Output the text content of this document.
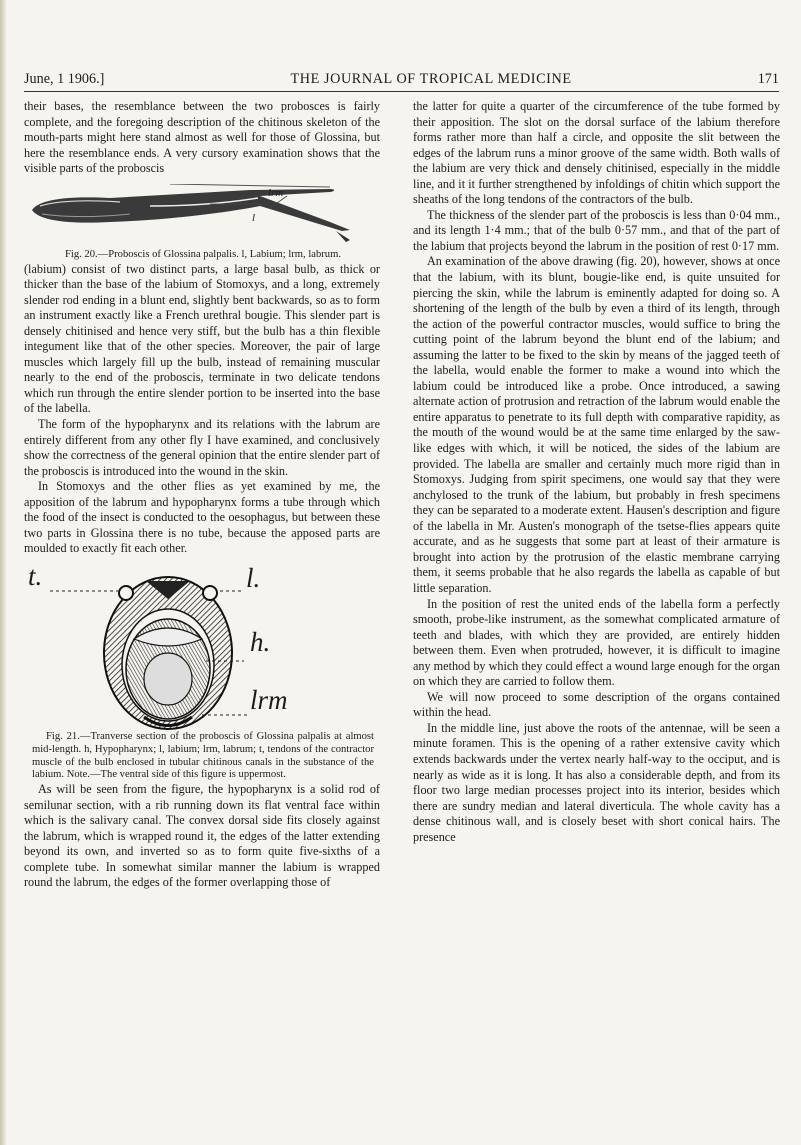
June, 1 1906.]	THE JOURNAL OF TROPICAL MEDICINE	171

their bases, the resemblance between the two probosces is fairly complete, and the foregoing description of the chitinous skeleton of the mouth-parts might here stand almost as well for those of Glossina, but here the resemblance ends. A very cursory examination shows that the visible parts of the proboscis

lrm
l

Fig. 20.—Proboscis of Glossina palpalis. l, Labium; lrm, labrum.

(labium) consist of two distinct parts, a large basal bulb, as thick or thicker than the base of the labium of Stomoxys, and a long, extremely slender rod ending in a blunt end, slightly bent backwards, so as to form an instrument exactly like a French urethral bougie. This slender part is densely chitinised and hence very stiff, but the bulb has a thin flexible integument like that of the other species. Moreover, the pair of large muscles which largely fill up the bulb, instead of remaining muscular nearly to the end of the proboscis, terminate in two delicate tendons which run through the entire slender portion to be inserted into the base of the labella.

The form of the hypopharynx and its relations with the labrum are entirely different from any other fly I have examined, and conclusively show the correctness of the general opinion that the entire slender part of the proboscis is introduced into the wound in the skin.

In Stomoxys and the other flies as yet examined by me, the apposition of the labrum and hypopharynx forms a tube through which the food of the insect is conducted to the oesophagus, but between these two parts in Glossina there is no tube, because the apposed parts are moulded to exactly fit each other.

t.	l.
h.
lrm

Fig. 21.—Tranverse section of the proboscis of Glossina palpalis at almost mid-length. h, Hypopharynx; l, labium; lrm, labrum; t, tendons of the contractor muscle of the bulb enclosed in tubular chitinous canals in the substance of the labium. Note.—The ventral side of this figure is uppermost.

As will be seen from the figure, the hypopharynx is a solid rod of semilunar section, with a rib running down its flat ventral face within which is the salivary canal. The convex dorsal side fits closely against the labrum, which is wrapped round it, the edges of the latter extending beyond its own, and inverted so as to form quite five-sixths of a complete tube. In somewhat similar manner the labium is wrapped round the labrum, the edges of the former overlapping those of

the latter for quite a quarter of the circumference of the tube formed by their apposition. The slot on the dorsal surface of the labium therefore forms rather more than half a circle, and opposite the slit between the edges of the labrum runs a minor groove of the same width. Both walls of the labium are very thick and densely chitinised, especially in the middle line, and it it further strengthened by infoldings of chitin which support the sheaths of the long tendons of the contractors of the bulb.

The thickness of the slender part of the proboscis is less than 0·04 mm., and its length 1·4 mm.; that of the bulb 0·57 mm., and that of the part of the labium that projects beyond the labrum in the position of rest 0·17 mm.

An examination of the above drawing (fig. 20), however, shows at once that the labium, with its blunt, bougie-like end, is quite unsuited for piercing the skin, while the labrum is eminently adapted for doing so. A shortening of the length of the bulb by even a third of its length, through the action of the powerful contractor muscles, would suffice to bring the cutting point of the labrum beyond the blunt end of the labium; and assuming the latter to be fixed to the skin by means of the jagged teeth of the labella, would enable the former to make a wound into which the labium could be introduced like a probe. Once introduced, a sawing alternate action of protrusion and retraction of the labrum would enable the entire apparatus to penetrate to its full depth with comparative rapidity, as the mouth of the wound would be at the same time enlarged by the saw-like edges with which, it will be noticed, the sides of the labium are provided. The labella are smaller and certainly much more rigid than in Stomoxys. Judging from spirit specimens, one would say that they were anchylosed to the trunk of the labium, but probably in fresh specimens they can be separated to a moderate extent. Hausen's description and figure of the labella in Mr. Austen's monograph of the tsetse-flies appears quite accurate, and as he suggests that some part at least of their armature is brought into action by the protrusion of the elastic membrane carrying them, it seems probable that he also regards the labella as capable of but little separation.

In the position of rest the united ends of the labella form a perfectly smooth, probe-like instrument, as the somewhat complicated armature of teeth and blades, with which they are provided, are entirely hidden between them. Even when protruded, however, it is difficult to imagine any method by which they could effect a wound large enough for the organ on which they are carried to follow them.

We will now proceed to some description of the organs contained within the head.

In the middle line, just above the roots of the antennae, will be seen a minute foramen. This is the opening of a rather extensive cavity which extends backwards under the vertex nearly half-way to the occiput, and is nearly as wide as it is long. It has also a considerable depth, and from its floor two large median processes project into its interior, besides which there are sundry median and lateral diverticula. The whole cavity has a dense chitinous wall, and is closely beset with short conical hairs. The presence
